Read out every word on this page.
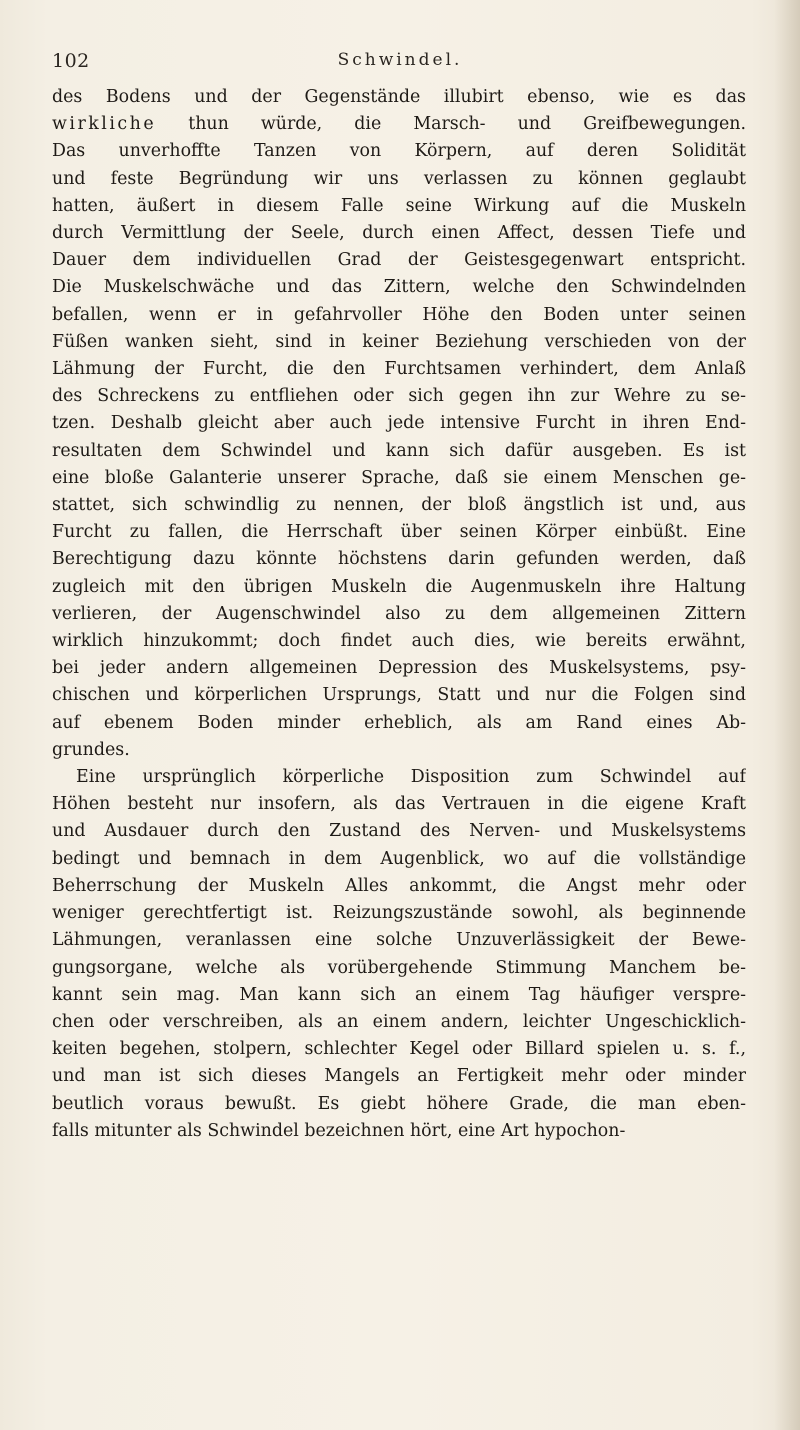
102	Schwindel.
des Bodens und der Gegenstände illubirt ebenso, wie es das
wirkliche thun würde, die Marsch- und Greifbewegungen.
Das unverhoffte Tanzen von Körpern, auf deren Solidität
und feste Begründung wir uns verlassen zu können geglaubt
hatten, äußert in diesem Falle seine Wirkung auf die Muskeln
durch Vermittlung der Seele, durch einen Affect, dessen Tiefe und
Dauer dem individuellen Grad der Geistesgegenwart entspricht.
Die Muskelschwäche und das Zittern, welche den Schwindelnden
befallen, wenn er in gefahrvoller Höhe den Boden unter seinen
Füßen wanken sieht, sind in keiner Beziehung verschieden von der
Lähmung der Furcht, die den Furchtsamen verhindert, dem Anlaß
des Schreckens zu entfliehen oder sich gegen ihn zur Wehre zu se-
tzen. Deshalb gleicht aber auch jede intensive Furcht in ihren End-
resultaten dem Schwindel und kann sich dafür ausgeben. Es ist
eine bloße Galanterie unserer Sprache, daß sie einem Menschen ge-
stattet, sich schwindlig zu nennen, der bloß ängstlich ist und, aus
Furcht zu fallen, die Herrschaft über seinen Körper einbüßt. Eine
Berechtigung dazu könnte höchstens darin gefunden werden, daß
zugleich mit den übrigen Muskeln die Augenmuskeln ihre Haltung
verlieren, der Augenschwindel also zu dem allgemeinen Zittern
wirklich hinzukommt; doch findet auch dies, wie bereits erwähnt,
bei jeder andern allgemeinen Depression des Muskelsystems, psy-
chischen und körperlichen Ursprungs, Statt und nur die Folgen sind
auf ebenem Boden minder erheblich, als am Rand eines Ab-
grundes.
Eine ursprünglich körperliche Disposition zum Schwindel auf
Höhen besteht nur insofern, als das Vertrauen in die eigene Kraft
und Ausdauer durch den Zustand des Nerven- und Muskelsystems
bedingt und bemnach in dem Augenblick, wo auf die vollständige
Beherrschung der Muskeln Alles ankommt, die Angst mehr oder
weniger gerechtfertigt ist. Reizungszustände sowohl, als beginnende
Lähmungen, veranlassen eine solche Unzuverlässigkeit der Bewe-
gungsorgane, welche als vorübergehende Stimmung Manchem be-
kannt sein mag. Man kann sich an einem Tag häufiger verspre-
chen oder verschreiben, als an einem andern, leichter Ungeschicklich-
keiten begehen, stolpern, schlechter Kegel oder Billard spielen u. s. f.,
und man ist sich dieses Mangels an Fertigkeit mehr oder minder
beutlich voraus bewußt. Es giebt höhere Grade, die man eben-
falls mitunter als Schwindel bezeichnen hört, eine Art hypochon-
